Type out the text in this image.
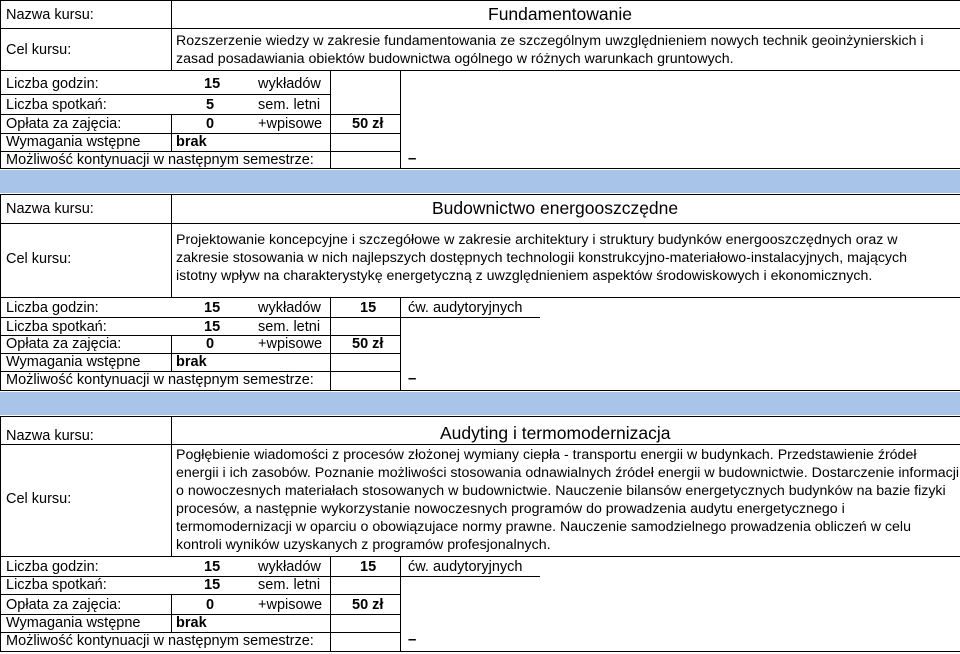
Nazwa kursu:	Fundamentowanie
Cel kursu:
Rozszerzenie wiedzy w zakresie fundamentowania ze szczególnym uwzględnieniem nowych technik geoinżynierskich i zasad posadawiania obiektów budownictwa ogólnego w różnych warunkach gruntowych.
Liczba godzin:	15	wykładów
Liczba spotkań:	5	sem. letni
Opłata za zajęcia:	0	+wpisowe 50 zł
Wymagania wstępne brak
Możliwość kontynuacji w następnym semestrze:	–
Nazwa kursu:	Budownictwo energooszczędne
Cel kursu:
Projektowanie koncepcyjne i szczegółowe w zakresie architektury i struktury budynków energooszczędnych oraz w zakresie stosowania w nich najlepszych dostępnych technologii konstrukcyjno-materiałowo-instalacyjnych, mających istotny wpływ na charakterystykę energetyczną z uwzględnieniem aspektów środowiskowych i ekonomicznych.
Liczba godzin:	15	wykładów	15 ćw. audytoryjnych
Liczba spotkań:	15	sem. letni
Opłata za zajęcia:	0	+wpisowe 50 zł
Wymagania wstępne brak
Możliwość kontynuacji w następnym semestrze:	–
Nazwa kursu:	Audyting i termomodernizacja
Cel kursu:
Pogłębienie wiadomości z procesów złożonej wymiany ciepła - transportu energii w budynkach. Przedstawienie źródeł energii i ich zasobów. Poznanie możliwości stosowania odnawialnych źródeł energii w budownictwie. Dostarczenie informacji o nowoczesnych materiałach stosowanych w budownictwie. Nauczenie bilansów energetycznych budynków na bazie fizyki procesów, a następnie wykorzystanie nowoczesnych programów do prowadzenia audytu energetycznego i termomodernizacji w oparciu o obowiązujace normy prawne. Nauczenie samodzielnego prowadzenia obliczeń w celu kontroli wyników uzyskanych z programów profesjonalnych.
Liczba godzin:	15	wykładów	15 ćw. audytoryjnych
Liczba spotkań:	15	sem. letni
Opłata za zajęcia:	0	+wpisowe 50 zł
Wymagania wstępne brak
Możliwość kontynuacji w następnym semestrze:	–
